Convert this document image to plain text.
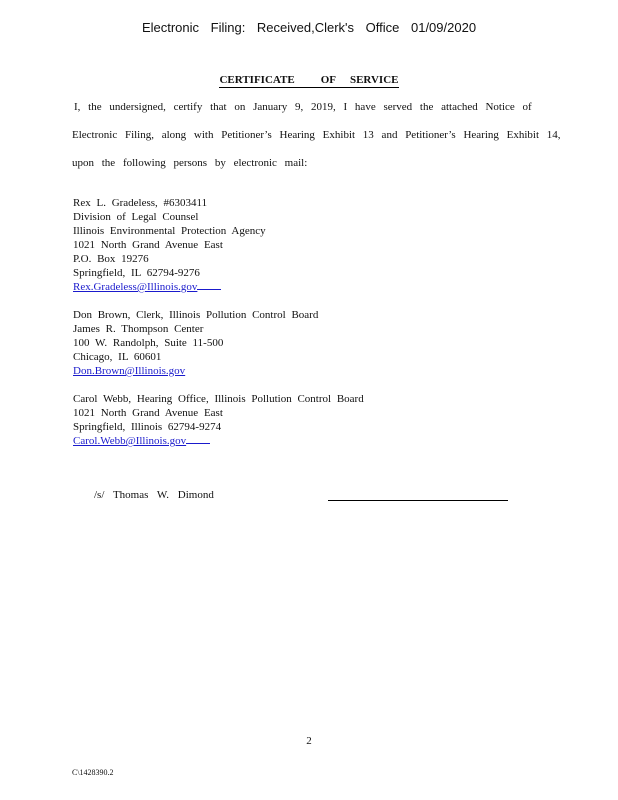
Electronic Filing: Received,Clerk's Office 01/09/2020
CERTIFICATE OF SERVICE
I, the undersigned, certify that on January 9, 2019, I have served the attached Notice of
Electronic Filing, along with Petitioner’s Hearing Exhibit 13 and Petitioner’s Hearing Exhibit 14,
upon the following persons by electronic mail:
Rex L. Gradeless, #6303411
Division of Legal Counsel
Illinois Environmental Protection Agency
1021 North Grand Avenue East
P.O. Box 19276
Springfield, IL 62794-9276
Rex.Gradeless@Illinois.gov
Don Brown, Clerk, Illinois Pollution Control Board
James R. Thompson Center
100 W. Randolph, Suite 11-500
Chicago, IL 60601
Don.Brown@Illinois.gov
Carol Webb, Hearing Office, Illinois Pollution Control Board
1021 North Grand Avenue East
Springfield, Illinois 62794-9274
Carol.Webb@Illinois.gov
/s/ Thomas W. Dimond
2
C\1428390.2
